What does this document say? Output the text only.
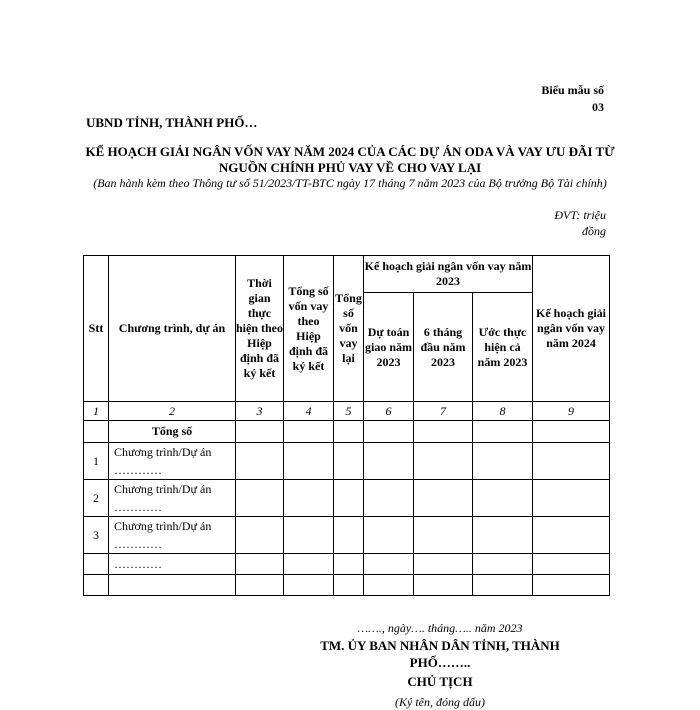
Biểu mẫu số
03
UBND TỈNH, THÀNH PHỐ…
KẾ HOẠCH GIẢI NGÂN VỐN VAY NĂM 2024 CỦA CÁC DỰ ÁN ODA VÀ VAY ƯU ĐÃI TỪ NGUỒN CHÍNH PHỦ VAY VỀ CHO VAY LẠI
(Ban hành kèm theo Thông tư số 51/2023/TT-BTC ngày 17 tháng 7 năm 2023 của Bộ trưởng Bộ Tài chính)
ĐVT: triệu
đồng
Stt	Chương trình, dự án	Thời gian thực hiện theo Hiệp định đã ký kết	Tổng số vốn vay theo Hiệp định đã ký kết	Tổng số vốn vay lại	Kế hoạch giải ngân vốn vay năm 2023			Kế hoạch giải ngân vốn vay năm 2024
					Dự toán giao năm 2023	6 tháng đầu năm 2023	Ước thực hiện cả năm 2023	
1	2	3	4	5	6	7	8	9
	Tổng số							
1	Chương trình/Dự án
…………							

2	Chương trình/Dự án
…………							

3	Chương trình/Dự án
…………							

	…………							

……., ngày…. tháng….. năm 2023
TM. ỦY BAN NHÂN DÂN TỈNH, THÀNH
PHỐ……..
CHỦ TỊCH
(Ký tên, đóng dấu)
